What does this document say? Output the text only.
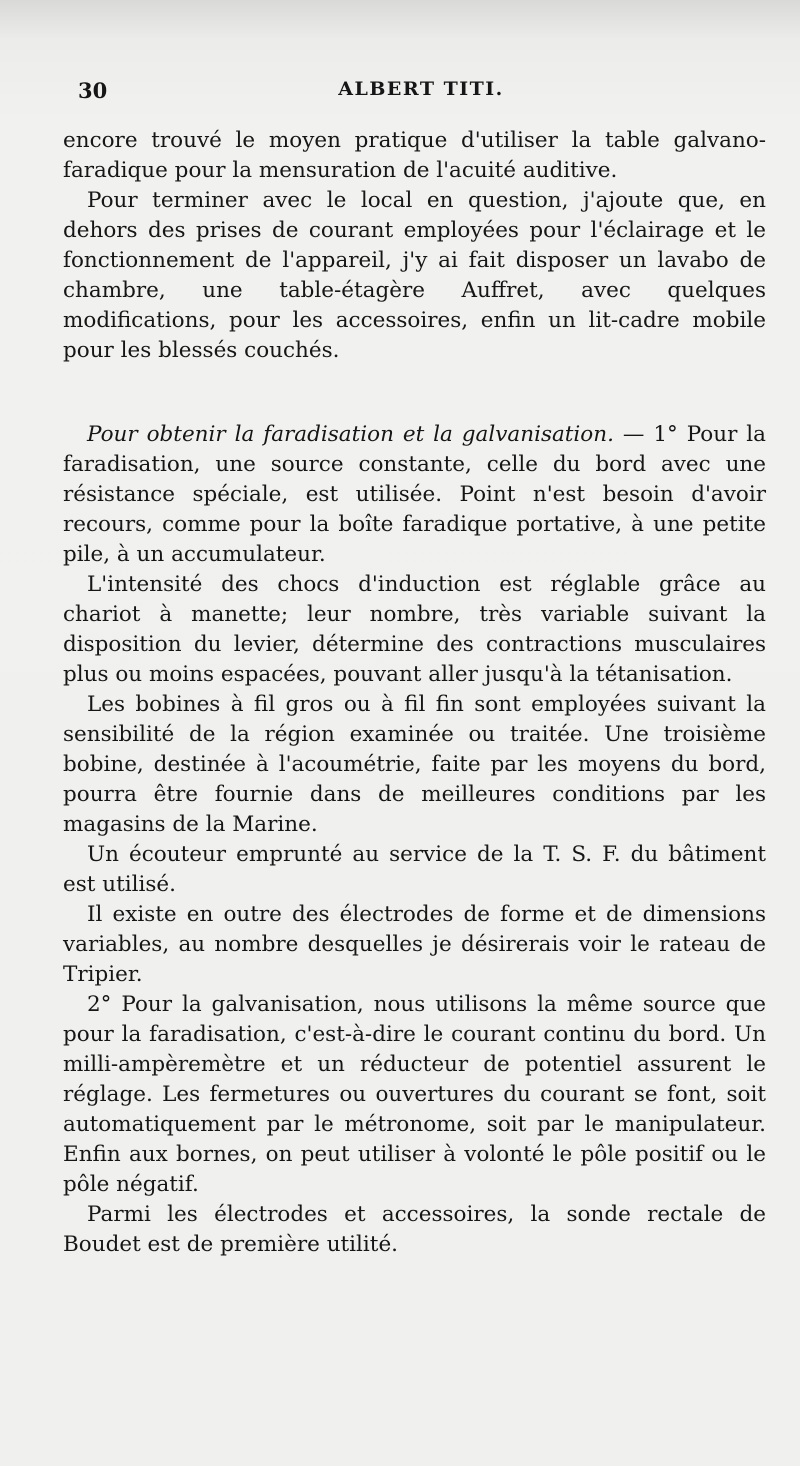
30	ALBERT TITI.

encore trouvé le moyen pratique d'utiliser la table galvano-faradique pour la mensuration de l'acuité auditive.

Pour terminer avec le local en question, j'ajoute que, en dehors des prises de courant employées pour l'éclairage et le fonctionnement de l'appareil, j'y ai fait disposer un lavabo de chambre, une table-étagère Auffret, avec quelques modifications, pour les accessoires, enfin un lit-cadre mobile pour les blessés couchés.

Pour obtenir la faradisation et la galvanisation. — 1° Pour la faradisation, une source constante, celle du bord avec une résistance spéciale, est utilisée. Point n'est besoin d'avoir recours, comme pour la boîte faradique portative, à une petite pile, à un accumulateur.

L'intensité des chocs d'induction est réglable grâce au chariot à manette; leur nombre, très variable suivant la disposition du levier, détermine des contractions musculaires plus ou moins espacées, pouvant aller jusqu'à la tétanisation.

Les bobines à fil gros ou à fil fin sont employées suivant la sensibilité de la région examinée ou traitée. Une troisième bobine, destinée à l'acoumétrie, faite par les moyens du bord, pourra être fournie dans de meilleures conditions par les magasins de la Marine.

Un écouteur emprunté au service de la T. S. F. du bâtiment est utilisé.

Il existe en outre des électrodes de forme et de dimensions variables, au nombre desquelles je désirerais voir le rateau de Tripier.

2° Pour la galvanisation, nous utilisons la même source que pour la faradisation, c'est-à-dire le courant continu du bord. Un milli-ampèremètre et un réducteur de potentiel assurent le réglage. Les fermetures ou ouvertures du courant se font, soit automatiquement par le métronome, soit par le manipulateur. Enfin aux bornes, on peut utiliser à volonté le pôle positif ou le pôle négatif.

Parmi les électrodes et accessoires, la sonde rectale de Boudet est de première utilité.
